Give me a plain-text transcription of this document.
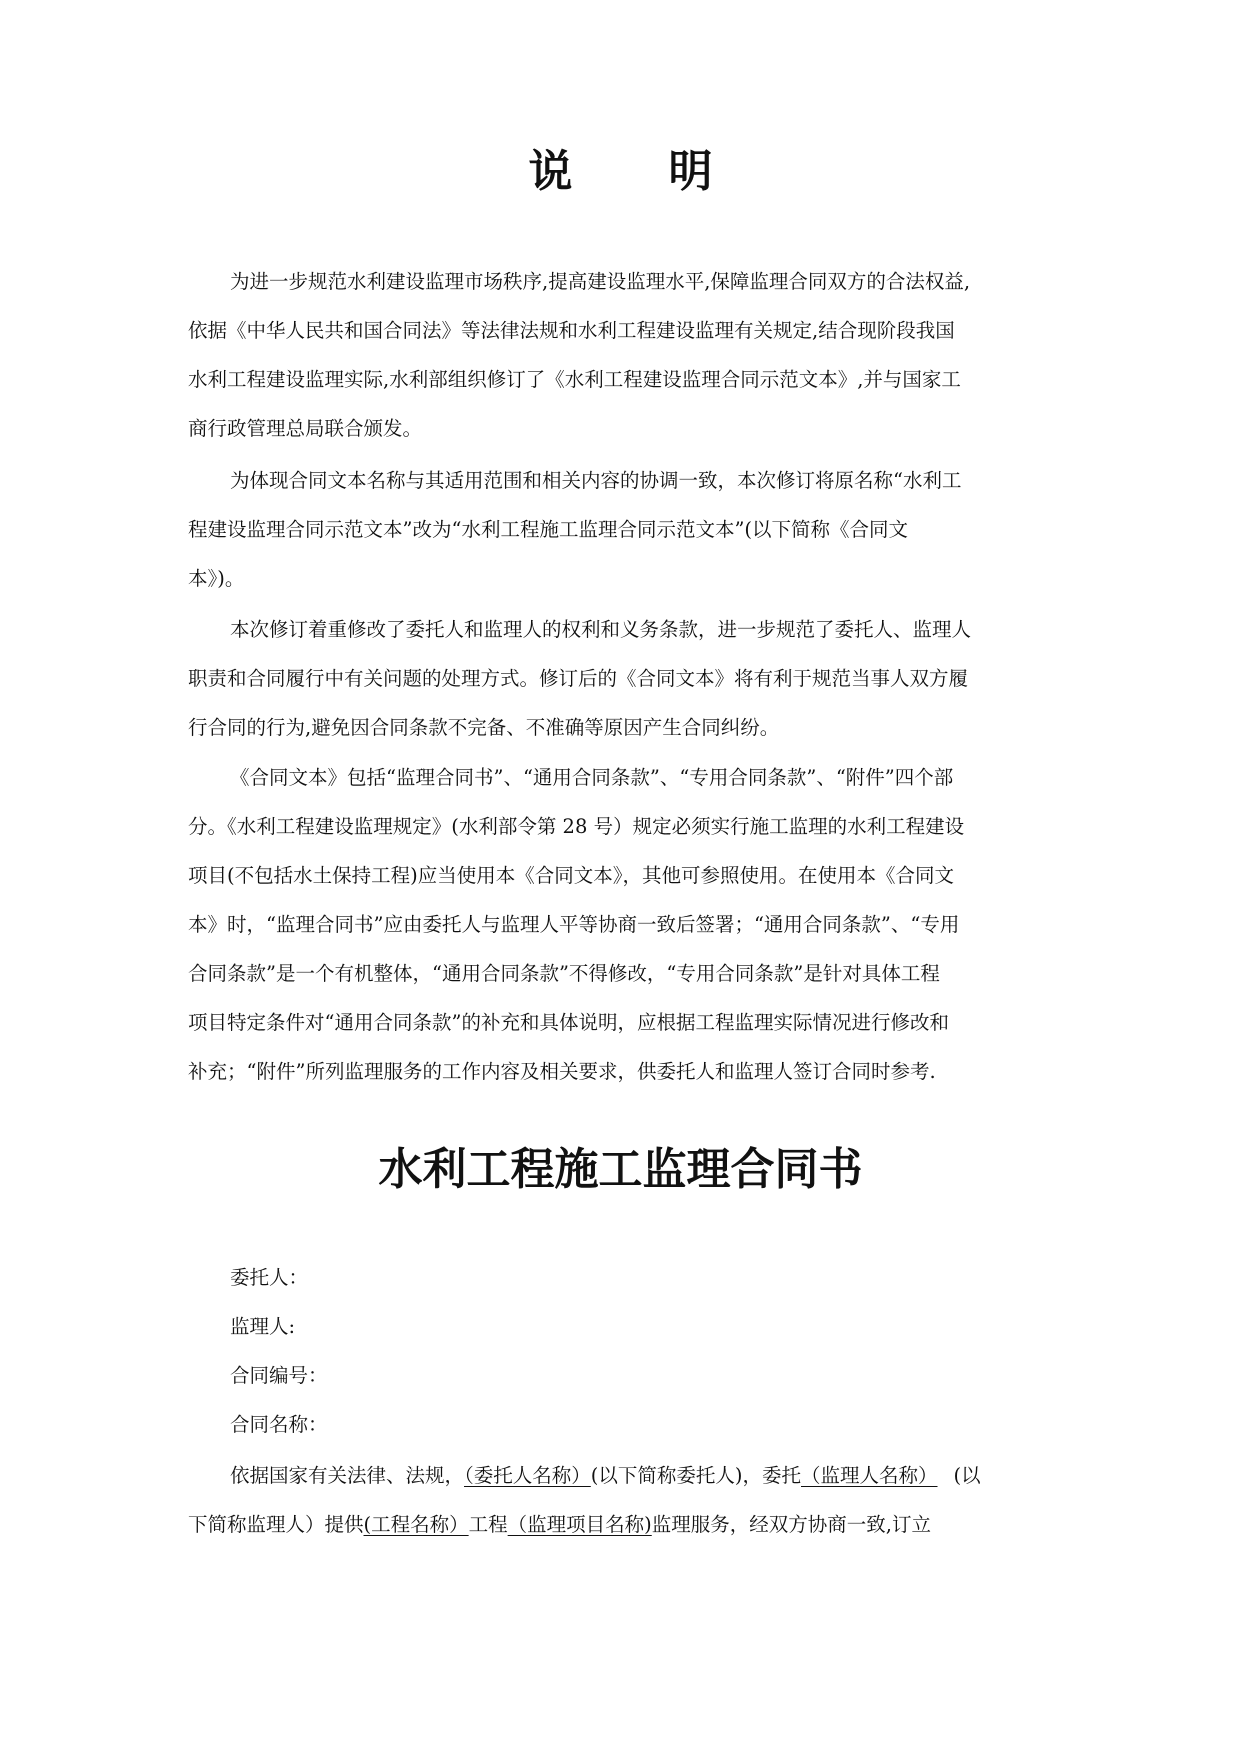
说 明
为进一步规范水利建设监理市场秩序,提高建设监理水平,保障监理合同双方的合法权益,
依据《中华人民共和国合同法》等法律法规和水利工程建设监理有关规定,结合现阶段我国
水利工程建设监理实际,水利部组织修订了《水利工程建设监理合同示范文本》,并与国家工
商行政管理总局联合颁发。
为体现合同文本名称与其适用范围和相关内容的协调一致，本次修订将原名称“水利工
程建设监理合同示范文本”改为“水利工程施工监理合同示范文本”(以下简称《合同文
本》)。
本次修订着重修改了委托人和监理人的权利和义务条款，进一步规范了委托人、监理人
职责和合同履行中有关问题的处理方式。修订后的《合同文本》将有利于规范当事人双方履
行合同的行为,避免因合同条款不完备、不准确等原因产生合同纠纷。
《合同文本》包括“监理合同书”、“通用合同条款”、“专用合同条款”、“附件”四个部
分。《水利工程建设监理规定》(水利部令第 28 号）规定必须实行施工监理的水利工程建设
项目(不包括水土保持工程)应当使用本《合同文本》，其他可参照使用。在使用本《合同文
本》时，“监理合同书”应由委托人与监理人平等协商一致后签署；“通用合同条款”、“专用
合同条款”是一个有机整体，“通用合同条款”不得修改，“专用合同条款”是针对具体工程
项目特定条件对“通用合同条款”的补充和具体说明，应根据工程监理实际情况进行修改和
补充；“附件”所列监理服务的工作内容及相关要求，供委托人和监理人签订合同时参考.
水利工程施工监理合同书
委托人：
监理人:
合同编号：
合同名称：
依据国家有关法律、法规，（委托人名称）(以下简称委托人)，委托（监理人名称） (以
下简称监理人）提供(工程名称）工程（监理项目名称)监理服务，经双方协商一致,订立
